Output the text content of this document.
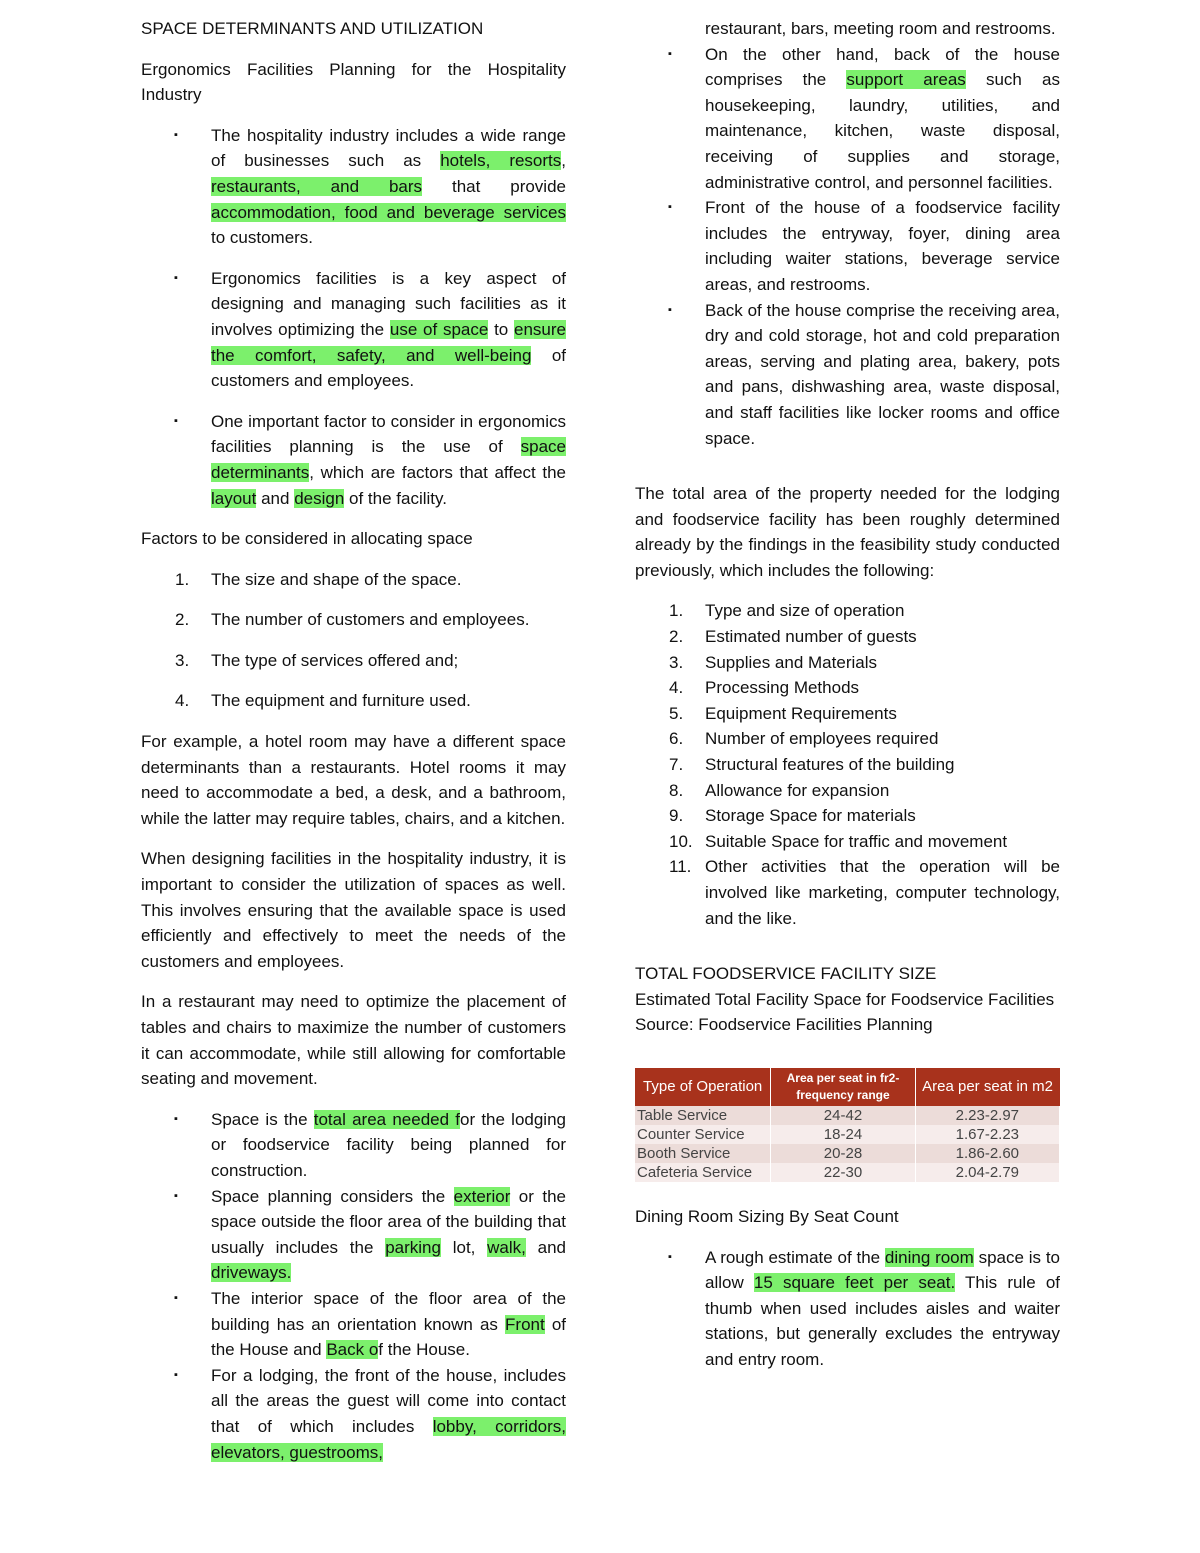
SPACE DETERMINANTS AND UTILIZATION

Ergonomics Facilities Planning for the Hospitality Industry

▪ The hospitality industry includes a wide range of businesses such as hotels, resorts, restaurants, and bars that provide accommodation, food and beverage services to customers.
▪ Ergonomics facilities is a key aspect of designing and managing such facilities as it involves optimizing the use of space to ensure the comfort, safety, and well-being of customers and employees.
▪ One important factor to consider in ergonomics facilities planning is the use of space determinants, which are factors that affect the layout and design of the facility.

Factors to be considered in allocating space

1. The size and shape of the space.
2. The number of customers and employees.
3. The type of services offered and;
4. The equipment and furniture used.

For example, a hotel room may have a different space determinants than a restaurants. Hotel rooms it may need to accommodate a bed, a desk, and a bathroom, while the latter may require tables, chairs, and a kitchen.

When designing facilities in the hospitality industry, it is important to consider the utilization of spaces as well. This involves ensuring that the available space is used efficiently and effectively to meet the needs of the customers and employees.

In a restaurant may need to optimize the placement of tables and chairs to maximize the number of customers it can accommodate, while still allowing for comfortable seating and movement.

▪ Space is the total area needed for the lodging or foodservice facility being planned for construction.
▪ Space planning considers the exterior or the space outside the floor area of the building that usually includes the parking lot, walk, and driveways.
▪ The interior space of the floor area of the building has an orientation known as Front of the House and Back of the House.
▪ For a lodging, the front of the house, includes all the areas the guest will come into contact that of which includes lobby, corridors, elevators, guestrooms,

restaurant, bars, meeting room and restrooms.

▪ On the other hand, back of the house comprises the support areas such as housekeeping, laundry, utilities, and maintenance, kitchen, waste disposal, receiving of supplies and storage, administrative control, and personnel facilities.
▪ Front of the house of a foodservice facility includes the entryway, foyer, dining area including waiter stations, beverage service areas, and restrooms.
▪ Back of the house comprise the receiving area, dry and cold storage, hot and cold preparation areas, serving and plating area, bakery, pots and pans, dishwashing area, waste disposal, and staff facilities like locker rooms and office space.

The total area of the property needed for the lodging and foodservice facility has been roughly determined already by the findings in the feasibility study conducted previously, which includes the following:

1. Type and size of operation
2. Estimated number of guests
3. Supplies and Materials
4. Processing Methods
5. Equipment Requirements
6. Number of employees required
7. Structural features of the building
8. Allowance for expansion
9. Storage Space for materials
10. Suitable Space for traffic and movement
11. Other activities that the operation will be involved like marketing, computer technology, and the like.
TOTAL FOODSERVICE FACILITY SIZE
Estimated Total Facility Space for Foodservice Facilities
Source: Foodservice Facilities Planning
Type of Operation	Area per seat in fr2-frequency range	Area per seat in m2
Table Service	24-42	2.23-2.97
Counter Service	18-24	1.67-2.23
Booth Service	20-28	1.86-2.60
Cafeteria Service	22-30	2.04-2.79

Dining Room Sizing By Seat Count

▪ A rough estimate of the dining room space is to allow 15 square feet per seat. This rule of thumb when used includes aisles and waiter stations, but generally excludes the entryway and entry room.
